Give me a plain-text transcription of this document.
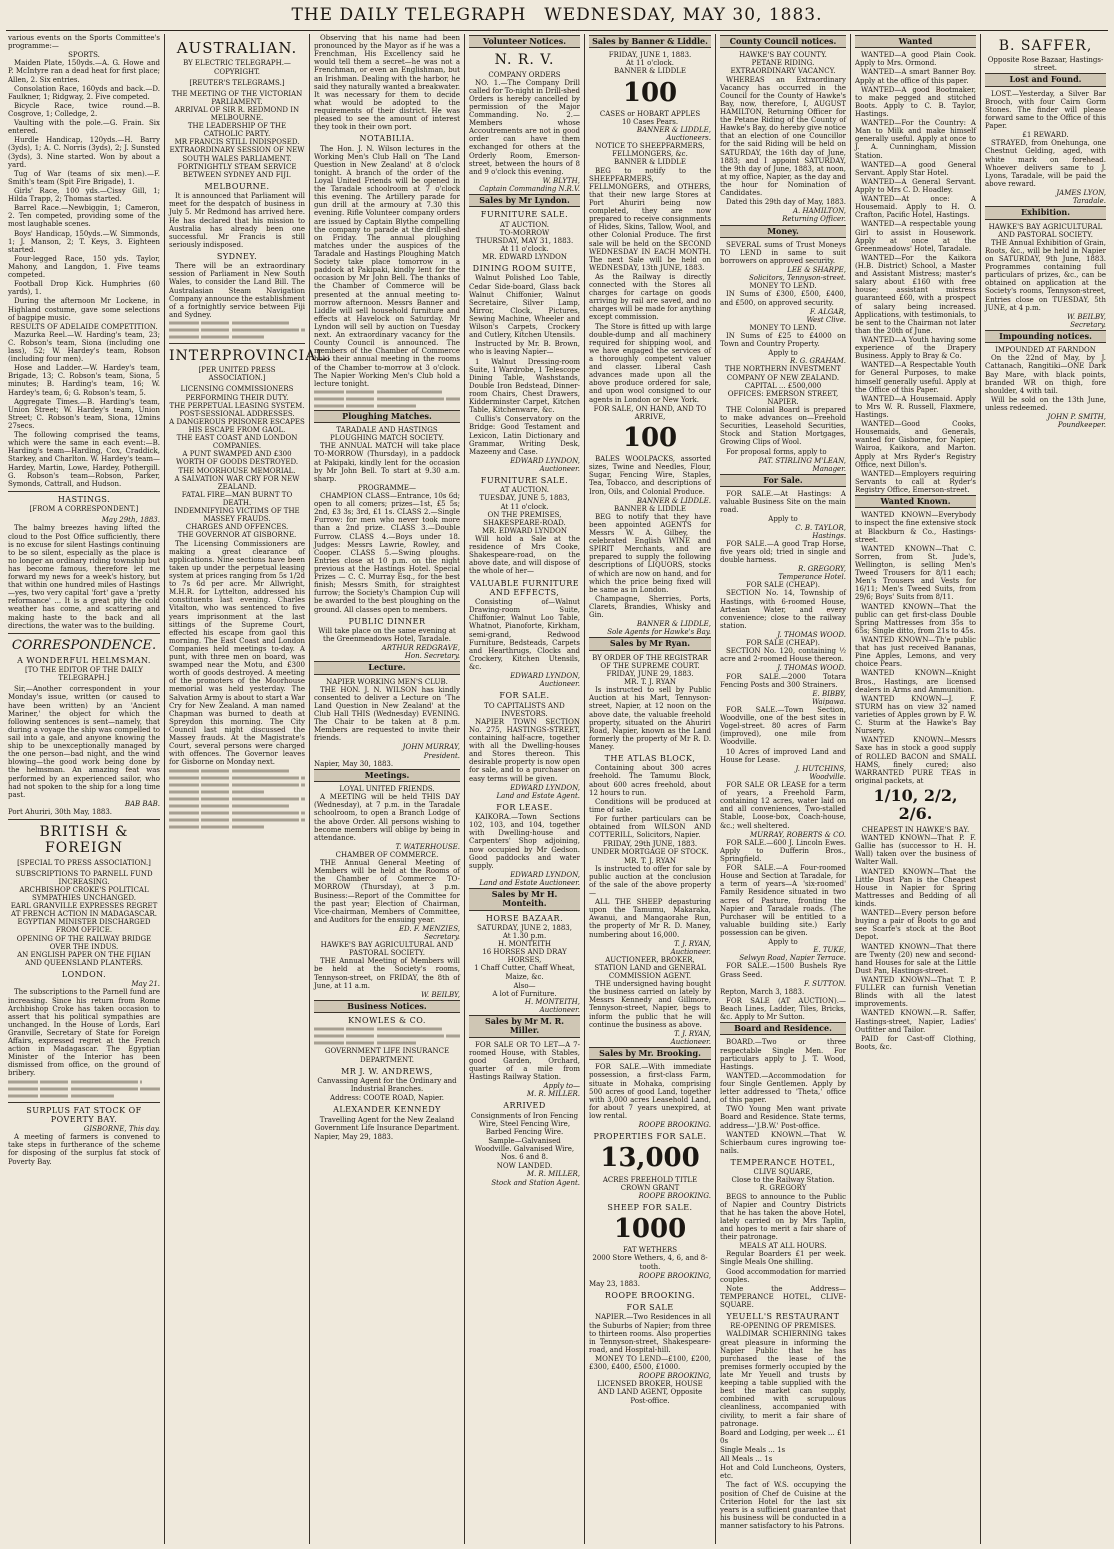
THE DAILY TELEGRAPH WEDNESDAY, MAY 30, 1883.

various events on the Sports Committee's programme:—

SPORTS.

Maiden Plate, 150yds.—A. G. Howe and P. McIntyre ran a dead heat for first place; Allen, 2. Six entries.

Consolation Race, 160yds and back.—D. Faulkner, 1; Ridgway, 2. Five competed.

Bicycle Race, twice round.—B. Cosgrove, 1; Colledge, 2.

Vaulting with the pole.—G. Frain. Six entered.

Hurdle Handicap, 120yds.—H. Barry (3yds), 1; A. C. Norris (3yds), 2; J. Sunsted (3yds), 3. Nine started. Won by about a yard.

Tug of War (teams of six men).—F. Smith's team (Spit Fire Brigade), 1.

Girls' Race, 100 yds.—Cissy Gill, 1; Hilda Trapp, 2; Thomas started.

Barrel Race.—Newbiggin, 1; Cameron, 2. Ten competed, providing some of the most laughable scenes.

Boys' Handicap, 150yds.—W. Simmonds, 1; J. Manson, 2; T. Keys, 3. Eighteen started.

Four-legged Race, 150 yds. Taylor, Mahony, and Langdon, 1. Five teams competed.

Football Drop Kick. Humphries (60 yards), 1.

During the afternoon Mr Lockene, in Highland costume, gave some selections of bagpipe music.

RESULTS OF ADELAIDE COMPETITION.

Mazurka Reel.—W. Harding's team, 23; C. Robson's team, Siona (including one lass), 52; W. Hardey's team, Robson (including four men).

Hose and Ladder.—W. Hardey's team, Brigade, 13; C. Robson's team, Siona, 5 minutes; B. Harding's team, 16; W. Hardey's team, 6; G. Robson's team, 5.

Aggregate Times.—B. Harding's team, Union Street; W. Hardey's team, Union Street; C. Robson's team, Siona, 12mins 27secs.

The following comprised the teams, which were the same in each event:—B. Harding's team—Harding, Cox, Craddick, Starkey, and Charlton. W. Hardey's team—Hardey, Martin, Lowe, Hardey, Pothergill. G. Robson's team—Robson, Parker, Symonds, Cattrall, and Hudson.

HASTINGS.
[FROM A CORRESPONDENT.]
May 29th, 1883.

The balmy breezes having lifted the cloud to the Post Office sufficiently, there is no excuse for silent Hastings continuing to be so silent, especially as the place is no longer an ordinary riding township but has become famous, therefore let me forward my news for a week's history, but that within one hundred miles of Hastings—yes, two very capital 'fort' gave a 'pretty reformance' ... It is a great pity the cold weather has come, and scattering and making haste to the back and all directions, the water was to the building.

CORRESPONDENCE.
A WONDERFUL HELMSMAN.
[TO THE EDITOR OF THE DAILY TELEGRAPH.]

Sir,—Another correspondent in your Monday's issue, written (or caused to have been written) by an 'Ancient Mariner,' the object for which the following sentences is sent—namely, that during a voyage the ship was compelled to sail into a gale, and anyone knowing the ship to be unexceptionally managed by the one person—bad night, and the wind blowing—the good work being done by the helmsman. An amazing feat was performed by an experienced sailor, who had not spoken to the ship for a long time past.

BAB BAB.

Port Ahuriri, 30th May, 1883.

BRITISH & FOREIGN
[SPECIAL TO PRESS ASSOCIATION.]
SUBSCRIPTIONS TO PARNELL FUND INCREASING.
ARCHBISHOP CROKE'S POLITICAL SYMPATHIES UNCHANGED.
EARL GRANVILLE EXPRESSES REGRET AT FRENCH ACTION IN MADAGASCAR.
EGYPTIAN MINISTER DISCHARGED FROM OFFICE.
OPENING OF THE RAILWAY BRIDGE OVER THE INDUS.
AN ENGLISH PAPER ON THE FIJIAN AND QUEENSLAND PLANTERS.
LONDON.
May 21.

The subscriptions to the Parnell fund are increasing. Since his return from Rome Archbishop Croke has taken occasion to assert that his political sympathies are unchanged. In the House of Lords, Earl Granville, Secretary of State for Foreign Affairs, expressed regret at the French action in Madagascar. The Egyptian Minister of the Interior has been dismissed from office, on the ground of bribery.

SURPLUS FAT STOCK OF POVERTY BAY.
GISBORNE, This day.

A meeting of farmers is convened to take steps in furtherance of the scheme for disposing of the surplus fat stock of Poverty Bay.

AUSTRALIAN.
BY ELECTRIC TELEGRAPH.—COPYRIGHT.
[REUTER'S TELEGRAMS.]
THE MEETING OF THE VICTORIAN PARLIAMENT.
ARRIVAL OF SIR R. REDMOND IN MELBOURNE.
THE LEADERSHIP OF THE CATHOLIC PARTY.
MR FRANCIS STILL INDISPOSED.
EXTRAORDINARY SESSION OF NEW SOUTH WALES PARLIAMENT.
FORTNIGHTLY STEAM SERVICE BETWEEN SYDNEY AND FIJI.
MELBOURNE.

It is announced that Parliament will meet for the despatch of business in July 5. Mr Redmond has arrived here. He has declared that his mission to Australia has already been one successful. Mr Francis is still seriously indisposed.

SYDNEY.

There will be an extraordinary session of Parliament in New South Wales, to consider the Land Bill. The Australasian Steam Navigation Company announce the establishment of a fortnightly service between Fiji and Sydney.

INTERPROVINCIAL.
[PER UNITED PRESS ASSOCIATION.]
LICENSING COMMISSIONERS PERFORMING THEIR DUTY.
THE PERPETUAL LEASING SYSTEM.
POST-SESSIONAL ADDRESSES.
A DANGEROUS PRISONER ESCAPES HIS ESCAPE FROM GAOL.
THE EAST COAST AND LONDON COMPANIES.
A PUNT SWAMPED AND £300 WORTH OF GOODS DESTROYED.
THE MOORHOUSE MEMORIAL.
A SALVATION WAR CRY FOR NEW ZEALAND.
FATAL FIRE—MAN BURNT TO DEATH.
INDEMNIFYING VICTIMS OF THE MASSEY FRAUDS.
CHARGES AND OFFENCES.
THE GOVERNOR AT GISBORNE.

The Licensing Commissioners are making a great clearance of applications. Nine sections have been taken up under the perpetual leasing system at prices ranging from 5s 1/2d to 7s 6d per acre. Mr Allwright, M.H.R. for Lyttelton, addressed his constituents last evening. Charles Vitalton, who was sentenced to five years imprisonment at the last sittings of the Supreme Court, effected his escape from gaol this morning. The East Coast and London Companies held meetings to-day. A punt, with three men on board, was swamped near the Motu, and £300 worth of goods destroyed. A meeting of the promoters of the Moorhouse memorial was held yesterday. The Salvation Army is about to start a War Cry for New Zealand. A man named Chapman was burned to death at Spreydon this morning. The City Council last night discussed the Massey frauds. At the Magistrate's Court, several persons were charged with offences. The Governor leaves for Gisborne on Monday next.

Observing that his name had been pronounced by the Mayor as if he was a Frenchman, His Excellency said he would tell them a secret—he was not a Frenchman, or even an Englishman, but an Irishman. Dealing with the harbor, he said they naturally wanted a breakwater. It was necessary for them to decide what would be adopted to the requirements of their district. He was pleased to see the amount of interest they took in their own port.

NOTABILIA.

The Hon. J. N. Wilson lectures in the Working Men's Club Hall on 'The Land Question in New Zealand' at 8 o'clock tonight. A branch of the order of the Loyal United Friends will be opened in the Taradale schoolroom at 7 o'clock this evening. The Artillery parade for gun drill at the armoury at 7.30 this evening. Rifle Volunteer company orders are issued by Captain Blythe compelling the company to parade at the drill-shed on Friday. The annual ploughing matches under the auspices of the Taradale and Hastings Ploughing Match Society take place tomorrow in a paddock at Pakipaki, kindly lent for the occasion by Mr John Bell. The thanks of the Chamber of Commerce will be presented at the annual meeting to-morrow afternoon. Messrs Banner and Liddle will sell household furniture and effects at Havelock on Saturday. Mr Lyndon will sell by auction on Tuesday next. An extraordinary vacancy for the County Council is announced. The members of the Chamber of Commerce hold their annual meeting in the rooms of the Chamber to-morrow at 3 o'clock. The Napier Working Men's Club hold a lecture tonight.

Ploughing Matches.
TARADALE AND HASTINGS PLOUGHING MATCH SOCIETY.

THE ANNUAL MATCH will take place TO-MORROW (Thursday), in a paddock at Pakipaki, kindly lent for the occasion by Mr John Bell. To start at 9.30 a.m. sharp.

PROGRAMME—

CHAMPION CLASS—Entrance, 10s 6d; open to all comers; prizes—1st, £5 5s; 2nd, £3 3s; 3rd, £1 1s. CLASS 2.—Single Furrow: for men who never took more than a 2nd prize. CLASS 3.—Double Furrow. CLASS 4.—Boys under 18. Judges: Messrs Lawrie, Rowley, and Cooper. CLASS 5.—Swing ploughs. Entries close at 10 p.m. on the night previous at the Hastings Hotel. Special Prizes — C. C. Murray Esq., for the best finish; Messrs Smith, for straightest furrow; the Society's Champion Cup will be awarded to the best ploughing on the ground. All classes open to members.

PUBLIC DINNER

Will take place on the same evening at the Greenmeadows Hotel, Taradale.

ARTHUR REDGRAVE,
Hon. Secretary.
Lecture.
NAPIER WORKING MEN'S CLUB.

THE HON. J. N. WILSON has kindly consented to deliver a Lecture on 'The Land Question in New Zealand' at the Club Hall THIS (Wednesday) EVENING. The Chair to be taken at 8 p.m. Members are requested to invite their friends.

JOHN MURRAY,
President.

Napier, May 30, 1883.

Meetings.
LOYAL UNITED FRIENDS.

A MEETING will be held THIS DAY (Wednesday), at 7 p.m. in the Taradale schoolroom, to open a Branch Lodge of the above Order. All persons wishing to become members will oblige by being in attendance.

T. WATERHOUSE.
CHAMBER OF COMMERCE.

THE Annual General Meeting of Members will be held at the Rooms of the Chamber of Commerce TO-MORROW (Thursday), at 3 p.m. Business:—Report of the Committee for the past year; Election of Chairman, Vice-chairman, Members of Committee, and Auditors for the ensuing year.

ED. F. MENZIES,
Secretary.
HAWKE'S BAY AGRICULTURAL AND PASTORAL SOCIETY.

THE Annual Meeting of Members will be held at the Society's rooms, Tennyson-street, on FRIDAY, the 8th of June, at 11 a.m.

W. BEILBY,
Business Notices.
KNOWLES & CO.
GOVERNMENT LIFE INSURANCE DEPARTMENT.
MR J. W. ANDREWS,

Canvassing Agent for the Ordinary and Industrial Branches.

Address: COOTE ROAD, Napier.

ALEXANDER KENNEDY

Travelling Agent for the New Zealand Government Life Insurance Department.

Napier, May 29, 1883.

Volunteer Notices.
N. R. V.
COMPANY ORDERS

NO. 1.—The Company Drill called for To-night in Drill-shed Orders is hereby cancelled by permission of the Major Commanding. No. 2.—Members whose Accoutrements are not in good order can have them exchanged for others at the Orderly Room, Emerson-street, between the hours of 8 and 9 o'clock this evening.

W. BLYTH,
Captain Commanding N.R.V.
Sales by Mr Lyndon.
FURNITURE SALE.
AT AUCTION.
TO-MORROW
THURSDAY, MAY 31, 1883.
At 11 o'clock.
MR. EDWARD LYNDON
DINING ROOM SUITE,

Walnut Polished Loo Table, Cedar Side-board, Glass back Walnut Chiffonier, Walnut Secretaire, Silver Lamp, Mirror, Clock, Pictures, Sewing Machine, Wheeler and Wilson's Carpets, Crockery and Cutlery, Kitchen Utensils.

Instructed by Mr. B. Brown, who is leaving Napier—

1 Walnut Dressing-room Suite, 1 Wardrobe, 1 Telescope Dining Table, Washstands, Double Iron Bedstead, Dinner-room Chairs, Chest Drawers, Kidderminster Carpet, Kitchen Table, Kitchenware, &c.

Cullis's Conservatory on the Bridge: Good Testament and Lexicon, Latin Dictionary and Grammar, Writing Desk, Mazeeny and Case.

EDWARD LYNDON,
Auctioneer.
FURNITURE SALE.
AT AUCTION.
TUESDAY, JUNE 5, 1883,
At 11 o'clock.
ON THE PREMISES, SHAKESPEARE-ROAD.
MR. EDWARD LYNDON

Will hold a Sale at the residence of Mrs Cooke, Shakespeare-road, on the above date, and will dispose of the whole of her—

VALUABLE FURNITURE AND EFFECTS,

Consisting of—Walnut Drawing-room Suite, Chiffonier, Walnut Loo Table, Whatnot, Pianoforte, Kirkham, semi-grand, Redwood Furniture, Bedsteads, Carpets and Hearthrugs, Clocks and Crockery, Kitchen Utensils, &c.

EDWARD LYNDON,
Auctioneer.
FOR SALE.
TO CAPITALISTS AND INVESTORS.

NAPIER TOWN SECTION No. 275, HASTINGS-STREET, containing half-acre, together with all the Dwelling-houses and Stores thereon. This desirable property is now open for sale, and to a purchaser on easy terms will be given.

EDWARD LYNDON,
Land and Estate Agent.
FOR LEASE.

KAIKORA.—Town Sections 102, 103, and 104, together with Dwelling-house and Carpenters' Shop adjoining, now occupied by Mr Gedson. Good paddocks and water supply.

EDWARD LYNDON,
Land and Estate Auctioneer.
Sales by Mr H. Monteith.
HORSE BAZAAR.
SATURDAY, JUNE 2, 1883,
At 1.30 p.m.
H. MONTEITH
16 HORSES AND DRAY HORSES,

1 Chaff Cutter, Chaff Wheat, Maize, &c.

Also—
A lot of Furniture.
H. MONTEITH,
Auctioneer.
Sales by Mr M. R. Miller.

FOR SALE OR TO LET—A 7-roomed House, with Stables, good Garden, Orchard, quarter of a mile from Hastings Railway Station.

Apply to—
M. R. MILLER.
ARRIVED

Consignments of Iron Fencing Wire, Steel Fencing Wire, Barbed Fencing Wire.

Sample—Galvanised Woodville. Galvanised Wire, Nos. 6 and 8.

NOW LANDED.
M. R. MILLER,
Stock and Station Agent.
Sales by Banner & Liddle.
FRIDAY, JUNE 1, 1883.
At 11 o'clock.
BANNER & LIDDLE
100
CASES or HOBART APPLES
10 Cases Pears.
BANNER & LIDDLE,
Auctioneers.
NOTICE TO SHEEPFARMERS, FELLMONGERS, &c.
BANNER & LIDDLE

BEG to notify to the SHEEPFARMERS, FELLMONGERS, and OTHERS, that their new large Stores at Port Ahuriri being now completed, they are now prepared to receive consignments of Hides, Skins, Tallow, Wool, and other Colonial Produce. The first sale will be held on the SECOND WEDNESDAY IN EACH MONTH. The next Sale will be held on WEDNESDAY, 13th JUNE, 1883.

As the Railway is directly connected with the Stores all charges for cartage on goods arriving by rail are saved, and no charges will be made for anything except commission.

The Store is fitted up with large double-dump and all machinery required for shipping wool, and we have engaged the services of a thoroughly competent valuer and classer. Liberal Cash advances made upon all the above produce ordered for sale, and upon wool consigned to our agents in London or New York.

FOR SALE, ON HAND, AND TO ARRIVE,
100

BALES WOOLPACKS, assorted sizes, Twine and Needles, Flour, Sugar, Fencing Wire, Staples, Tea, Tobacco, and descriptions of Iron, Oils, and Colonial Produce.

BANNER & LIDDLE.
BANNER & LIDDLE

BEG to notify that they have been appointed AGENTS for Messrs W. A. Gilbey, the celebrated English WINE and SPIRIT Merchants, and are prepared to supply the following descriptions of LIQUORS, stocks of which are now on hand, and for which the price being fixed will be same as in London.

Champagne, Sherries, Ports, Clarets, Brandies, Whisky and Gin.

BANNER & LIDDLE,
Sole Agents for Hawke's Bay.
Sales by Mr Ryan.
BY ORDER OF THE REGISTRAR OF THE SUPREME COURT.
FRIDAY, JUNE 29, 1883.
MR. T. J. RYAN

Is instructed to sell by Public Auction at his Mart, Tennyson-street, Napier, at 12 noon on the above date, the valuable freehold property, situated on the Ahuriri Road, Napier, known as the Land formerly the property of Mr R. D. Maney.

THE ATLAS BLOCK,

Containing about 300 acres freehold. The Tamumu Block, about 600 acres freehold, about 12 hours to run.

Conditions will be produced at time of sale.

For further particulars can be obtained from WILSON AND COTTERILL, Solicitors, Napier.

FRIDAY, 29th JUNE, 1883.
UNDER MORTGAGE OF STOCK.
MR. T. J. RYAN

Is instructed to offer for sale by public auction at the conclusion of the sale of the above property—

ALL THE SHEEP depasturing upon the Tamumu, Makaraka, Awanui, and Mangaorahe Run, the property of Mr R. D. Maney, numbering about 16,000.

T. J. RYAN,
Auctioneer.
AUCTIONEER, BROKER, STATION LAND and GENERAL COMMISSION AGENT.

THE undersigned having bought the business carried on lately by Messrs Kennedy and Gillmore, Tennyson-street, Napier, begs to inform the public that he will continue the business as above.

T. J. RYAN,
Auctioneer.
Sales by Mr. Brooking.

FOR SALE.—With immediate possession, a first-class Farm, situate in Mohaka, comprising 500 acres of good Land, together with 3,000 acres Leasehold Land, for about 7 years unexpired, at low rental.

ROOPE BROOKING.
PROPERTIES FOR SALE.
13,000
ACRES FREEHOLD TITLE CROWN GRANT
ROOPE BROOKING.
SHEEP FOR SALE.
1000
FAT WETHERS

2000 Store Wethers, 4, 6, and 8-tooth.

ROOPE BROOKING,

May 23, 1883.

ROOPE BROOKING.
FOR SALE

NAPIER.—Two Residences in all the Suburbs of Napier; from three to thirteen rooms. Also properties in Tennyson-street, Shakespeare-road, and Hospital-hill.

MONEY TO LEND—£100, £200, £300, £400, £500, £1000.

ROOPE BROOKING,

LICENSED BROKER, HOUSE AND LAND AGENT, Opposite Post-office.

County Council notices.
HAWKE'S BAY COUNTY.
PETANE RIDING.
EXTRAORDINARY VACANCY.

WHEREAS an Extraordinary Vacancy has occurred in the Council for the County of Hawke's Bay, now, therefore, I, AUGUST HAMILTON, Returning Officer for the Petane Riding of the County of Hawke's Bay, do hereby give notice that an election of one Councillor for the said Riding will be held on SATURDAY, the 16th day of June, 1883; and I appoint SATURDAY, the 9th day of June, 1883, at noon, at my office, Napier, as the day and the hour for Nomination of Candidates.

Dated this 29th day of May, 1883.

A. HAMILTON,
Returning Officer.
Money.

SEVERAL sums of Trust Moneys TO LEND in same to suit borrowers on approved security.

LEE & SHARPE,
Solicitors, Tennyson-street.
MONEY TO LEND.

IN Sums of £300, £500, £400, and £500, on approved security.

F. ALGAR,
West Clive.
MONEY TO LEND.

IN Sums of £25 to £4000 on Town and Country Property.

Apply to
R. G. GRAHAM.
THE NORTHERN INVESTMENT COMPANY OF NEW ZEALAND.
CAPITAL ... £500,000
OFFICES: EMERSON STREET, NAPIER.

THE Colonial Board is prepared to make advances on—Freehold Securities, Leasehold Securities, Stock and Station Mortgages, Growing Clips of Wool.

For proposal forms, apply to

PAT. STIRLING M'LEAN,
Manager.
For Sale.

FOR SALE.—At Hastings: A valuable Business Site on the main road.

Apply to
C. B. TAYLOR,
Hastings.

FOR SALE.—A good Trap Horse, five years old; tried in single and double harness.

R. GREGORY,
Temperance Hotel.
FOR SALE (CHEAP).

SECTION No. 14, Township of Hastings, with 6-roomed House, Artesian Water, and every convenience; close to the railway station.

J. THOMAS WOOD.
FOR SALE (CHEAP).

SECTION No. 120, containing ½ acre and 2-roomed House thereon.

J. THOMAS WOOD.

FOR SALE.—2000 Totara Fencing Posts and 300 Strainers.

E. BIBBY,
Waipawa.

FOR SALE.—Town Section, Woodville, one of the best sites in Vogel-street. 80 acres of Farm (improved), one mile from Woodville.

10 Acres of improved Land and House for Lease.

J. HUTCHINS,
Woodville.

FOR SALE OR LEASE for a term of years, a Freehold Farm, containing 12 acres, water laid on and all conveniences, Two-stalled Stable, Loose-box, Coach-house, &c.; well sheltered.

MURRAY, ROBERTS & CO.

FOR SALE.—600 J. Lincoln Ewes. Apply to Dufferin Bros., Springfield.

FOR SALE.—A Four-roomed House and Section at Taradale, for a term of years—A 'six-roomed' Family Residence situated in two acres of Pasture, fronting the Napier and Taradale roads. (The Purchaser will be entitled to a valuable building site.) Early possession can be given.

Apply to
E. TUKE,
Selwyn Road, Napier Terrace.

FOR SALE.—1500 Bushels Rye Grass Seed.

F. SUTTON.

Repton, March 3, 1883.

FOR SALE (AT AUCTION).—Beach Lines, Ladder, Tiles, Bricks, &c. Apply to Mr Sutton.

Board and Residence.

BOARD.—Two or three respectable Single Men. For particulars apply to J. T. Wood, Hastings.

WANTED.—Accommodation for four Single Gentlemen. Apply by letter addressed to 'Theta,' office of this paper.

TWO Young Men want private Board and Residence. State terms, address—'J.B.W.' Post-office.

WANTED KNOWN.—That W. Schierbaum cures ingrowing toe-nails.

TEMPERANCE HOTEL,
CLIVE SQUARE,
Close to the Railway Station.
R. GREGORY

BEGS to announce to the Public of Napier and Country Districts that he has taken the above Hotel, lately carried on by Mrs Taplin, and hopes to merit a fair share of their patronage.

MEALS AT ALL HOURS.

Regular Boarders £1 per week. Single Meals One shilling.

Good accommodation for married couples.

Note the Address—TEMPERANCE HOTEL, CLIVE-SQUARE.

YEUELL'S RESTAURANT
RE-OPENING OF PREMISES.

WALDIMAR SCHIERNING takes great pleasure in informing the Napier Public that he has purchased the lease of the premises formerly occupied by the late Mr Yeuell and trusts by keeping a table supplied with the best the market can supply, combined with scrupulous cleanliness, accompanied with civility, to merit a fair share of patronage.

Board and Lodging, per week ... £1 0s

Single Meals ... 1s

All Meals ... 1s

Hot and Cold Luncheons, Oysters, etc.

The fact of W.S. occupying the position of Chef de Cuisine at the Criterion Hotel for the last six years is a sufficient guarantee that his business will be conducted in a manner satisfactory to his Patrons.

Wanted

WANTED—A good Plain Cook. Apply to Mrs. Ormond.

WANTED—A smart Banner Boy. Apply at the office of this paper.

WANTED—A good Bootmaker, to make pegged and stitched Boots. Apply to C. B. Taylor, Hastings.

WANTED—For the Country: A Man to Milk and make himself generally useful. Apply at once to J. A. Cunningham, Mission Station.

WANTED—A good General Servant. Apply Star Hotel.

WANTED—A General Servant. Apply to Mrs C. D. Hoadley.

WANTED—At once: A Housemaid. Apply to H. O. Crafton, Pacific Hotel, Hastings.

WANTED—A respectable young Girl to assist in Housework. Apply at once at the Greenmeadows' Hotel, Taradale.

WANTED—For the Kaikora (H.B. District) School, a Master and Assistant Mistress; master's salary about £160 with free house; assistant mistress guaranteed £60, with a prospect of salary being increased. Applications, with testimonials, to be sent to the Chairman not later than the 20th of June.

WANTED—A Youth having some experience of the Drapery Business. Apply to Bray & Co.

WANTED—A Respectable Youth for General Purposes, to make himself generally useful. Apply at the Office of this Paper.

WANTED—A Housemaid. Apply to Mrs W. R. Russell, Flaxmere, Hastings.

WANTED—Good Cooks, Housemaids, and Generals, wanted for Gisborne, for Napier, Wairoa, Kaikora, and Marton. Apply at Mrs Ryder's Registry Office, next Dillon's.

WANTED—Employers requiring Servants to call at Ryder's Registry Office, Emerson-street.

Wanted Known.

WANTED KNOWN—Everybody to inspect the fine extensive stock at Blackburn & Co., Hastings-street.

WANTED KNOWN—That C. Sorren, from St. Jude's, Wellington, is selling Men's Tweed Trousers for 8/11 each; Men's Trousers and Vests for 16/11; Men's Tweed Suits, from 29/6; Boys' Suits from 8/11.

WANTED KNOWN—That the public can get first-class Double Spring Mattresses from 35s to 65s; Single ditto, from 21s to 45s.

WANTED KNOWN—Th'e public that has just received Bananas, Pine Apples, Lemons, and very choice Pears.

WANTED KNOWN—Knight Bros., Hastings, are licensed dealers in Arms and Ammunition.

WANTED KNOWN—J. F. STURM has on view 32 named varieties of Apples grown by F. W. C. Sturm at the Hawke's Bay Nursery.

WANTED KNOWN—Messrs Saxe has in stock a good supply of ROLLED BACON and SMALL HAMS, finely cured; also WARRANTED PURE TEAS in original packets, at

1/10, 2/2, 2/6.
CHEAPEST IN HAWKE'S BAY.

WANTED KNOWN—That P. F. Gallie has (successor to H. H. Wall) taken over the business of Walter Wall.

WANTED KNOWN—That the Little Dust Pan is the Cheapest House in Napier for Spring Mattresses and Bedding of all kinds.

WANTED—Every person before buying a pair of Boots to go and see Scarfe's stock at the Boot Depot.

WANTED KNOWN—That there are Twenty (20) new and second-hand Houses for sale at the Little Dust Pan, Hastings-street.

WANTED KNOWN—That T. P. FULLER can furnish Venetian Blinds with all the latest improvements.

WANTED KNOWN.—R. Saffer, Hastings-street, Napier, Ladies' Outfitter and Tailor.

PAID for Cast-off Clothing, Boots, &c.

B. SAFFER,
Opposite Rose Bazaar, Hastings-street.
Lost and Found.

LOST.—Yesterday, a Silver Bar Brooch, with four Cairn Gorm Stones. The finder will please forward same to the Office of this Paper.

£1 REWARD.

STRAYED, from Onehunga, one Chestnut Gelding, aged, with white mark on forehead. Whoever delivers same to J. Lyons, Taradale, will be paid the above reward.

JAMES LYON,
Taradale.
Exhibition.
HAWKE'S BAY AGRICULTURAL AND PASTORAL SOCIETY.

THE Annual Exhibition of Grain, Roots, &c., will be held in Napier on SATURDAY, 9th June, 1883. Programmes containing full particulars of prizes, &c., can be obtained on application at the Society's rooms, Tennyson-street, Entries close on TUESDAY, 5th JUNE, at 4 p.m.

W. BEILBY,
Secretary.
Impounding notices.
IMPOUNDED AT FARNDON

On the 22nd of May, by J. Cattanach, Rangitiki—ONE Dark Bay Mare, with black points, branded WR on thigh, fore shoulder, 4 with tail.

Will be sold on the 13th June, unless redeemed.

JOHN P. SMITH,
Poundkeeper.
